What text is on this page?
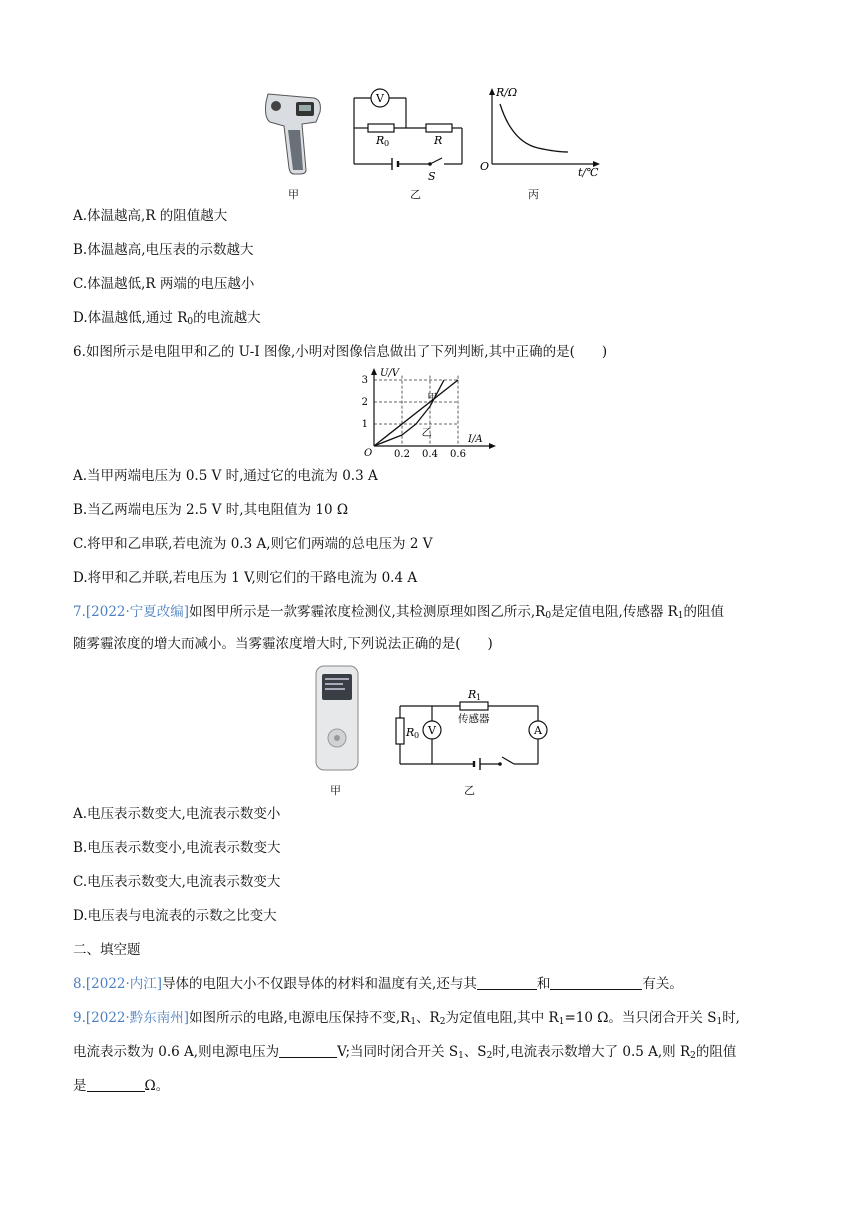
V
R 0	R
S
R/Ω
t/℃
O
甲	乙	丙
A.体温越高,R 的阻值越大
B.体温越高,电压表的示数越大
C.体温越低,R 两端的电压越小
D.体温越低,通过 $R_0$的电流越大
6.如图所示是电阻甲和乙的 U-I 图像,小明对图像信息做出了下列判断,其中正确的是(　　)
甲
乙
0.2 0.4 0.6
1
2
3
U/V
I/A
O
A.当甲两端电压为 0.5 V 时,通过它的电流为 0.3 A
B.当乙两端电压为 2.5 V 时,其电阻值为 10 Ω
C.将甲和乙串联,若电流为 0.3 A,则它们两端的总电压为 2 V
D.将甲和乙并联,若电压为 1 V,则它们的干路电流为 0.4 A
7.[2022·宁夏改编]如图甲所示是一款雾霾浓度检测仪,其检测原理如图乙所示$,R_0$是定值电阻,传感器 $R_1$的阻值
随雾霾浓度的增大而减小。当雾霾浓度增大时,下列说法正确的是(　　)
R 1
传感器
R 0 V	A
甲	乙
A.电压表示数变大,电流表示数变小
B.电压表示数变小,电流表示数变大
C.电压表示数变大,电流表示数变大
D.电压表与电流表的示数之比变大
二、填空题
8.[2022·内江]导体的电阻大小不仅跟导体的材料和温度有关,还与其	和	有关。
9.[2022·黔东南州]如图所示的电路,电源电压保持不变$,R_1$、$R_2$为定值电阻,其中 $R_1=10$ Ω。当只闭合开关 $S_1$时,
电流表示数为 0.6 A,则电源电压为	V;当同时闭合开关 $S_1$、$S_2$时,电流表示数增大了 0.5 A,则 $R_2$的阻值
是	Ω。
